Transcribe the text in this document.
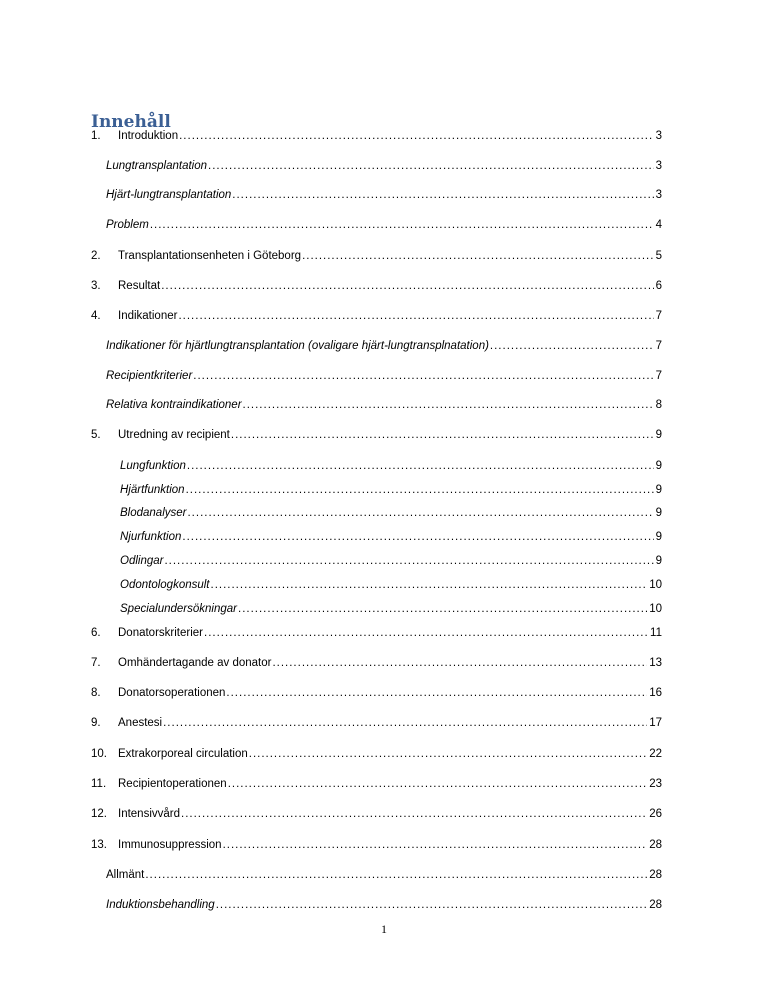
Innehåll
1. Introduktion .....	3
Lungtransplantation .....	3
Hjärt-lungtransplantation .....	3
Problem .....	4
2. Transplantationsenheten i Göteborg .....	5
3. Resultat .....	6
4. Indikationer .....	7
Indikationer för hjärtlungtransplantation (ovaligare hjärt-lungtransplnatation) .....	7
Recipientkriterier .....	7
Relativa kontraindikationer .....	8
5. Utredning av recipient .....	9
Lungfunktion .....	9
Hjärtfunktion .....	9
Blodanalyser .....	9
Njurfunktion .....	9
Odlingar .....	9
Odontologkonsult .....	10
Specialundersökningar .....	10
6. Donatorskriterier .....	11
7. Omhändertagande av donator .....	13
8. Donatorsoperationen .....	16
9. Anestesi .....	17
10. Extrakorporeal circulation .....	22
11. Recipientoperationen .....	23
12. Intensivvård .....	26
13. Immunosuppression .....	28
Allmänt .....	28
Induktionsbehandling .....	28
1
